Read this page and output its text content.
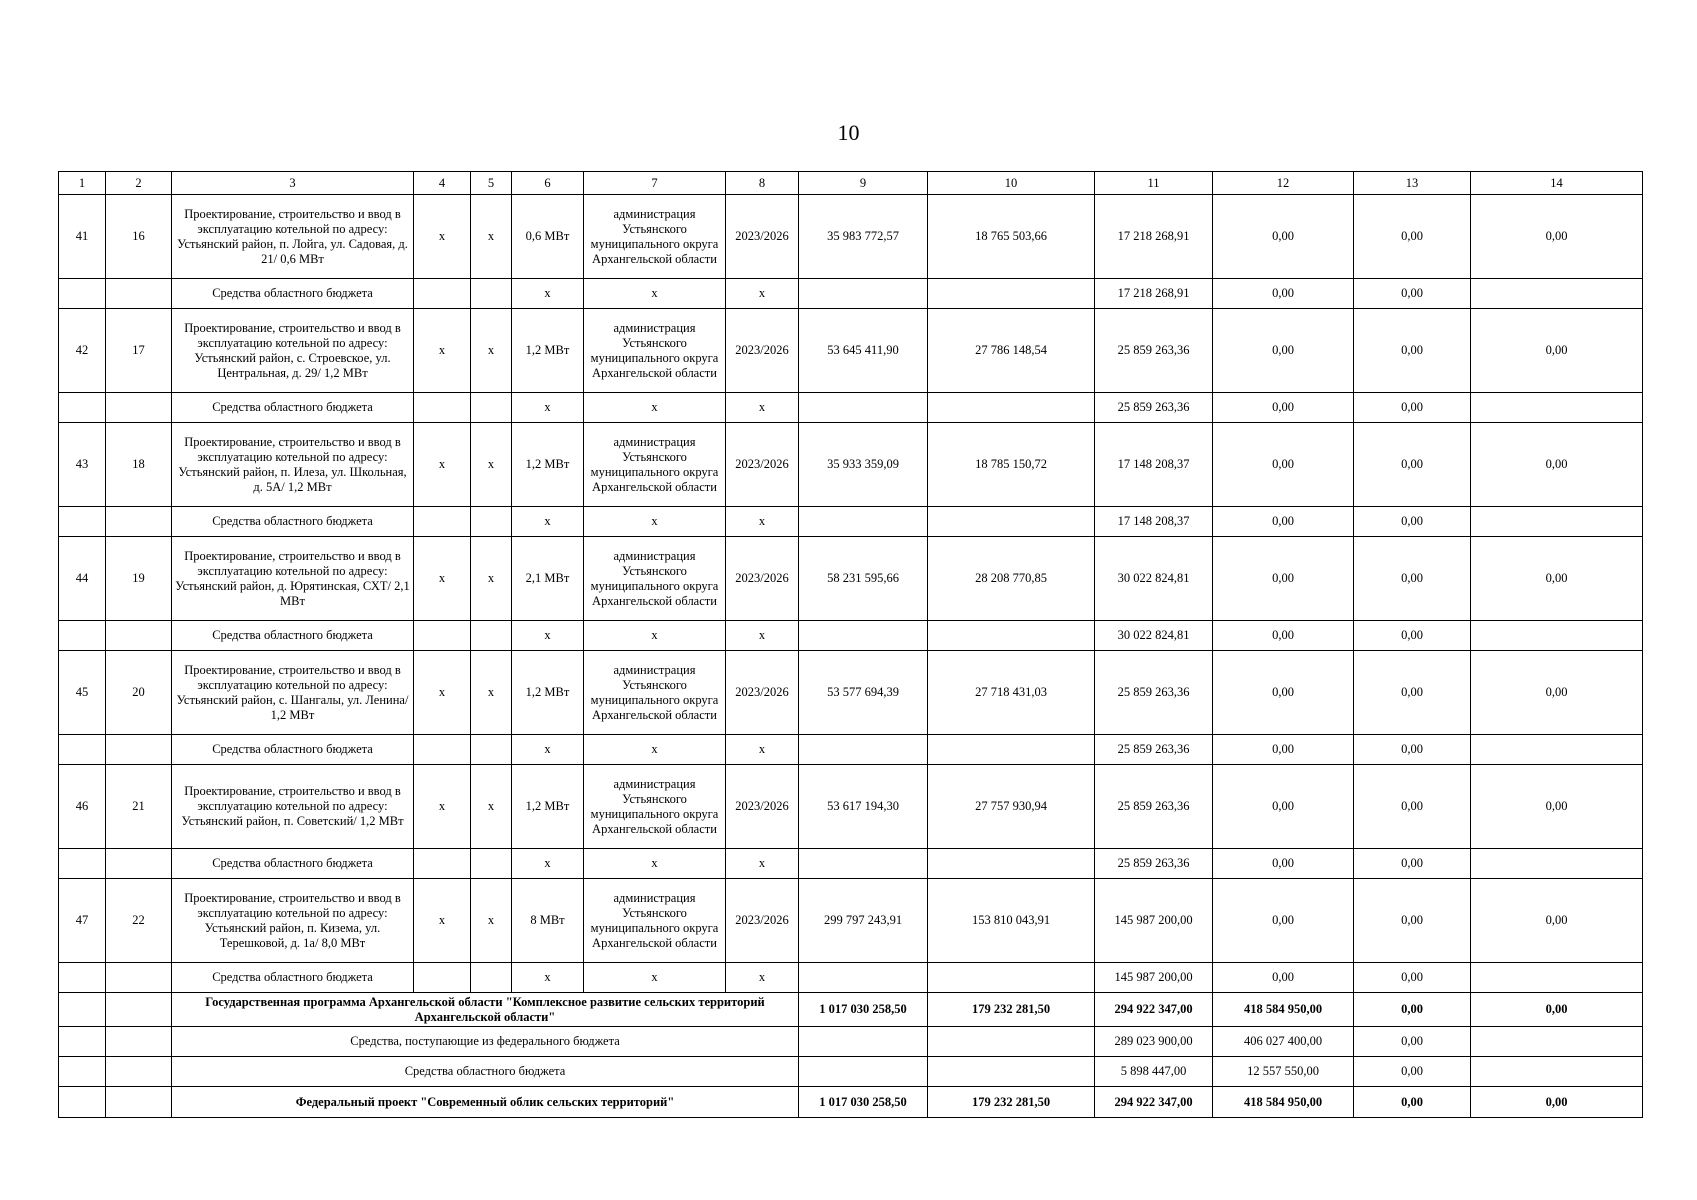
10
1	2	3	4	5	6	7	8	9	10	11	12	13	14
41	16	Проектирование, строительство и ввод в эксплуатацию котельной по адресу: Устьянский район, п. Лойга, ул. Садовая, д. 21/ 0,6 МВт	х	х	0,6 МВт	администрация Устьянского муниципального округа Архангельской области	2023/2026	35 983 772,57	18 765 503,66	17 218 268,91	0,00	0,00	0,00
		Средства областного бюджета			х	х	х			17 218 268,91	0,00	0,00	
42	17	Проектирование, строительство и ввод в эксплуатацию котельной по адресу: Устьянский район, с. Строевское, ул. Центральная, д. 29/ 1,2 МВт	х	х	1,2 МВт	администрация Устьянского муниципального округа Архангельской области	2023/2026	53 645 411,90	27 786 148,54	25 859 263,36	0,00	0,00	0,00
		Средства областного бюджета			х	х	х			25 859 263,36	0,00	0,00	
43	18	Проектирование, строительство и ввод в эксплуатацию котельной по адресу: Устьянский район, п. Илеза, ул. Школьная, д. 5А/ 1,2 МВт	х	х	1,2 МВт	администрация Устьянского муниципального округа Архангельской области	2023/2026	35 933 359,09	18 785 150,72	17 148 208,37	0,00	0,00	0,00
		Средства областного бюджета			х	х	х			17 148 208,37	0,00	0,00	
44	19	Проектирование, строительство и ввод в эксплуатацию котельной по адресу: Устьянский район, д. Юрятинская, СХТ/ 2,1 МВт	х	х	2,1 МВт	администрация Устьянского муниципального округа Архангельской области	2023/2026	58 231 595,66	28 208 770,85	30 022 824,81	0,00	0,00	0,00
		Средства областного бюджета			х	х	х			30 022 824,81	0,00	0,00	
45	20	Проектирование, строительство и ввод в эксплуатацию котельной по адресу: Устьянский район, с. Шангалы, ул. Ленина/ 1,2 МВт	х	х	1,2 МВт	администрация Устьянского муниципального округа Архангельской области	2023/2026	53 577 694,39	27 718 431,03	25 859 263,36	0,00	0,00	0,00
		Средства областного бюджета			х	х	х			25 859 263,36	0,00	0,00	
46	21	Проектирование, строительство и ввод в эксплуатацию котельной по адресу: Устьянский район, п. Советский/ 1,2 МВт	х	х	1,2 МВт	администрация Устьянского муниципального округа Архангельской области	2023/2026	53 617 194,30	27 757 930,94	25 859 263,36	0,00	0,00	0,00
		Средства областного бюджета			х	х	х			25 859 263,36	0,00	0,00	
47	22	Проектирование, строительство и ввод в эксплуатацию котельной по адресу: Устьянский район, п. Кизема, ул. Терешковой, д. 1а/ 8,0 МВт	х	х	8 МВт	администрация Устьянского муниципального округа Архангельской области	2023/2026	299 797 243,91	153 810 043,91	145 987 200,00	0,00	0,00	0,00
		Средства областного бюджета			х	х	х			145 987 200,00	0,00	0,00	
		Государственная программа Архангельской области "Комплексное развитие сельских территорий Архангельской области"						1 017 030 258,50	179 232 281,50	294 922 347,00	418 584 950,00	0,00	0,00
		Средства, поступающие из федерального бюджета								289 023 900,00	406 027 400,00	0,00	
		Средства областного бюджета								5 898 447,00	12 557 550,00	0,00	
		Федеральный проект "Современный облик сельских территорий"						1 017 030 258,50	179 232 281,50	294 922 347,00	418 584 950,00	0,00	0,00
